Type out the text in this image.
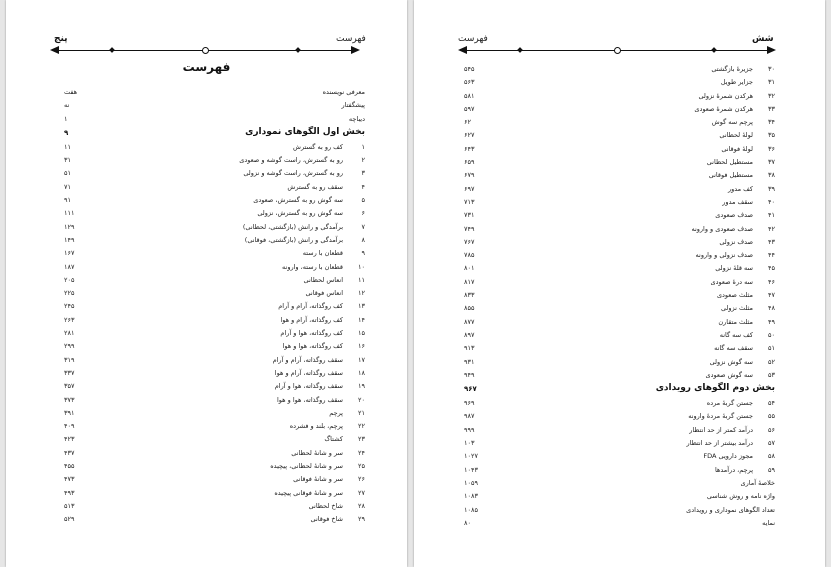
فهرست
پنج
فهرست
معرفی نویسنده
هفت
پیشگفتار
نه
دیباچه
۱
بخش اول الگوهای نموداری
۹
۱
کف رو به گسترش
۱۱
۲
رو به گسترش، راست گوشه و صعودی
۳۱
۳
رو به گسترش، راست گوشه و نزولی
۵۱
۴
سقف رو به گسترش
۷۱
۵
سه گوش رو به گسترش، صعودی
۹۱
۶
سه گوش رو به گسترش، نزولی
۱۱۱
۷
برآمدگی و رانش (بازگشتی، لحظانی)
۱۲۹
۸
برآمدگی و رانش (بازگشتی، فوقانی)
۱۴۹
۹
قطعان با رسته
۱۶۷
۱۰
قطعان با رسته، وارونه
۱۸۷
۱۱
انعاس لحظانی
۲۰۵
۱۲
انعاس فوقانی
۲۲۵
۱۳
کف روگذاته، آرام و آرام
۲۴۵
۱۴
کف روگذاته، آرام و هوا
۲۶۳
۱۵
کف روگذاته، هوا و آرام
۲۸۱
۱۶
کف روگذاته، هوا و هوا
۲۹۹
۱۷
سقف روگذاته، آرام و آرام
۳۱۹
۱۸
سقف روگذاته، آرام و هوا
۳۳۷
۱۹
سقف روگذاته، هوا و آرام
۳۵۷
۲۰
سقف روگذاته، هوا و هوا
۳۷۳
۲۱
پرچم
۳۹۱
۲۲
پرچم، بلند و فشرده
۴۰۹
۲۳
کشتاگ
۴۲۳
۲۴
سر و شانهٔ لحظانی
۴۳۷
۲۵
سر و شانهٔ لحظانی، پیچیده
۴۵۵
۲۶
سر و شانهٔ فوقانی
۴۷۳
۲۷
سر و شانهٔ فوقانی پیچیده
۴۹۳
۲۸
شاخ لحظانی
۵۱۳
۲۹
شاخ فوقانی
۵۲۹
فهرست	شش
۳۰
جزیرهٔ بازگشتی
۵۴۵
۳۱
جزایر طویل
۵۶۳
۳۲
هرکدن شمرهٔ نزولی
۵۸۱
۳۳
هرکدن شمرهٔ صعودی
۵۹۷
۳۴
پرچم سه گوش
۶۲
۳۵
لولهٔ لحظانی
۶۲۷
۳۶
لولهٔ فوقانی
۶۴۳
۳۷
مستطیل لحظانی
۶۵۹
۳۸
مستطیل فوقانی
۶۷۹
۳۹
کف مدور
۶۹۷
۴۰
سقف مدور
۷۱۳
۴۱
صدف صعودی
۷۳۱
۴۲
صدف صعودی و وارونه
۷۴۹
۴۳
صدف نزولی
۷۶۷
۴۴
صدف نزولی و وارونه
۷۸۵
۴۵
سه قلهٔ نزولی
۸۰۱
۴۶
سه درهٔ صعودی
۸۱۷
۴۷
مثلث صعودی
۸۳۳
۴۸
مثلث نزولی
۸۵۵
۴۹
مثلث متقارن
۸۷۷
۵۰
کف سه گانه
۸۹۷
۵۱
سقف سه گانه
۹۱۳
۵۲
سه گوش نزولی
۹۳۱
۵۳
سه گوش صعودی
۹۴۹
بخش دوم الگوهای رویدادی
۹۶۷
۵۴
جستن گربهٔ مرده
۹۶۹
۵۵
جستن گربهٔ مردهٔ وارونه
۹۸۷
۵۶
درآمد کمتر از حد انتظار
۹۹۹
۵۷
درآمد بیشتر از حد انتظار
۱۰۳
۵۸
مجوز دارویی FDA
۱۰۲۷
۵۹
پرچم، درآمدها
۱۰۴۳
خلاصهٔ آماری
۱۰۵۹
واژه نامه و روش شناسی
۱۰۸۳
تعداد الگوهای نموداری و رویدادی
۱۰۸۵
نمایه
۸۰
